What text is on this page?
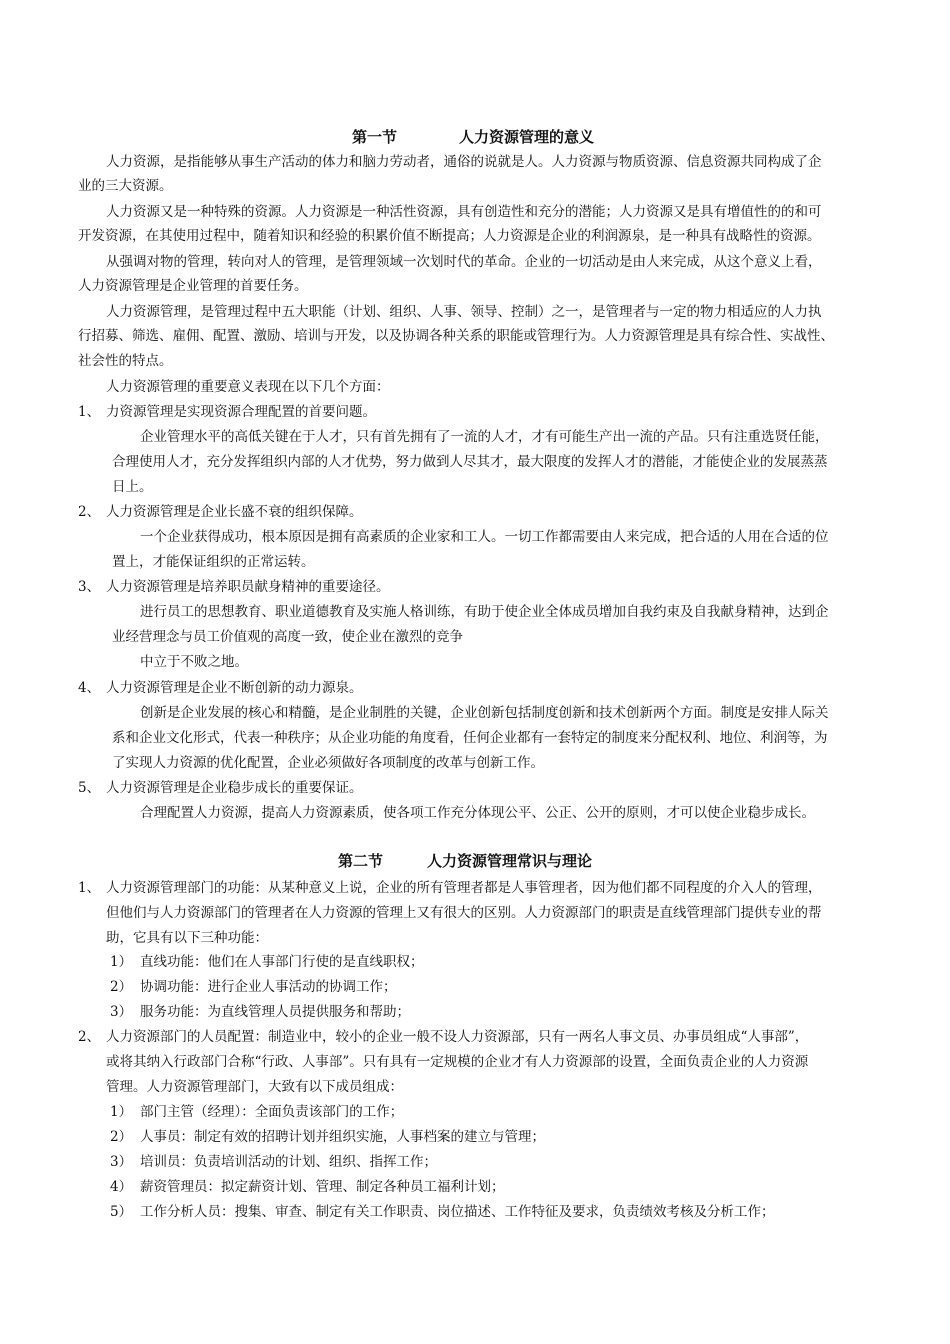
第一节	人力资源管理的意义
人力资源，是指能够从事生产活动的体力和脑力劳动者，通俗的说就是人。人力资源与物质资源、信息资源共同构成了企
业的三大资源。
人力资源又是一种特殊的资源。人力资源是一种活性资源，具有创造性和充分的潜能；人力资源又是具有增值性的的和可
开发资源，在其使用过程中，随着知识和经验的积累价值不断提高；人力资源是企业的利润源泉，是一种具有战略性的资源。
从强调对物的管理，转向对人的管理，是管理领域一次划时代的革命。企业的一切活动是由人来完成，从这个意义上看，
人力资源管理是企业管理的首要任务。
人力资源管理，是管理过程中五大职能（计划、组织、人事、领导、控制）之一，是管理者与一定的物力相适应的人力执
行招募、筛选、雇佣、配置、激励、培训与开发，以及协调各种关系的职能或管理行为。人力资源管理是具有综合性、实战性、
社会性的特点。
人力资源管理的重要意义表现在以下几个方面：
1、 力资源管理是实现资源合理配置的首要问题。
企业管理水平的高低关键在于人才，只有首先拥有了一流的人才，才有可能生产出一流的产品。只有注重选贤任能，
合理使用人才，充分发挥组织内部的人才优势，努力做到人尽其才，最大限度的发挥人才的潜能，才能使企业的发展蒸蒸
日上。
2、 人力资源管理是企业长盛不衰的组织保障。
一个企业获得成功，根本原因是拥有高素质的企业家和工人。一切工作都需要由人来完成，把合适的人用在合适的位
置上，才能保证组织的正常运转。
3、 人力资源管理是培养职员献身精神的重要途径。
进行员工的思想教育、职业道德教育及实施人格训练，有助于使企业全体成员增加自我约束及自我献身精神，达到企
业经营理念与员工价值观的高度一致，使企业在激烈的竞争
中立于不败之地。
4、 人力资源管理是企业不断创新的动力源泉。
创新是企业发展的核心和精髓，是企业制胜的关键，企业创新包括制度创新和技术创新两个方面。制度是安排人际关
系和企业文化形式，代表一种秩序；从企业功能的角度看，任何企业都有一套特定的制度来分配权利、地位、利润等，为
了实现人力资源的优化配置，企业必须做好各项制度的改革与创新工作。
5、 人力资源管理是企业稳步成长的重要保证。
合理配置人力资源，提高人力资源素质，使各项工作充分体现公平、公正、公开的原则，才可以使企业稳步成长。
第二节	人力资源管理常识与理论
1、 人力资源管理部门的功能：从某种意义上说，企业的所有管理者都是人事管理者，因为他们都不同程度的介入人的管理，
但他们与人力资源部门的管理者在人力资源的管理上又有很大的区别。人力资源部门的职责是直线管理部门提供专业的帮
助，它具有以下三种功能：
1） 直线功能：他们在人事部门行使的是直线职权；
2） 协调功能：进行企业人事活动的协调工作；
3） 服务功能：为直线管理人员提供服务和帮助；
2、 人力资源部门的人员配置：制造业中，较小的企业一般不设人力资源部，只有一两名人事文员、办事员组成“人事部”，
或将其纳入行政部门合称“行政、人事部”。只有具有一定规模的企业才有人力资源部的设置，全面负责企业的人力资源
管理。人力资源管理部门，大致有以下成员组成：
1） 部门主管（经理）：全面负责该部门的工作；
2） 人事员：制定有效的招聘计划并组织实施，人事档案的建立与管理；
3） 培训员：负责培训活动的计划、组织、指挥工作；
4） 薪资管理员：拟定薪资计划、管理、制定各种员工福利计划；
5） 工作分析人员：搜集、审查、制定有关工作职责、岗位描述、工作特征及要求，负责绩效考核及分析工作；
